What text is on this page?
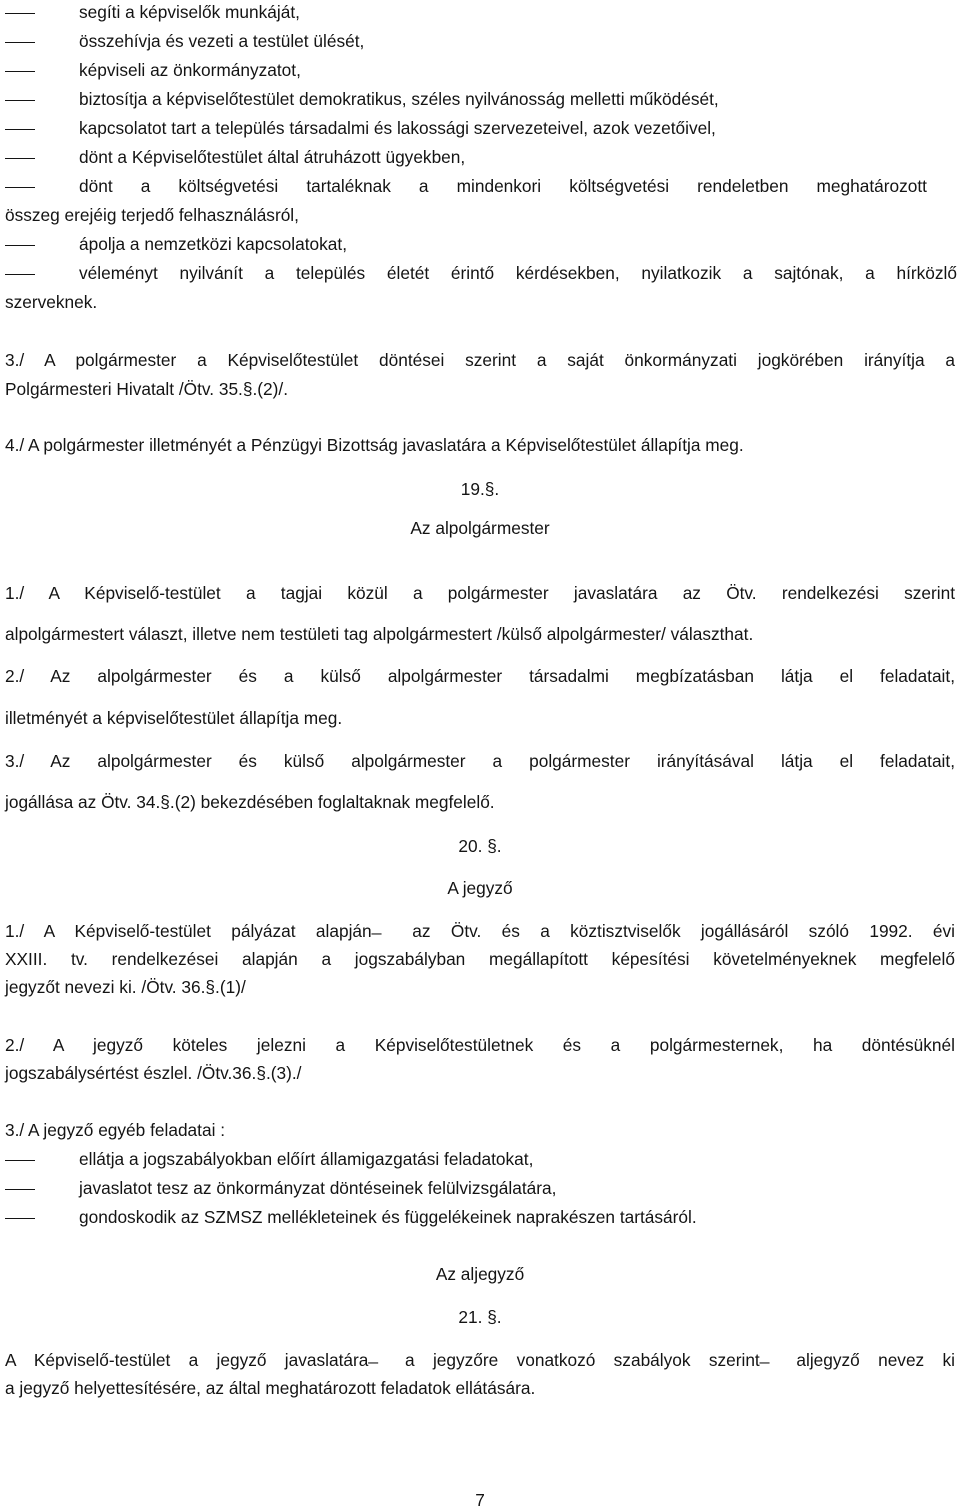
segíti a képviselők munkáját,
összehívja és vezeti a testület ülését,
képviseli az önkormányzatot,
biztosítja a képviselőtestület demokratikus, széles nyilvánosság melletti működését,
kapcsolatot tart a település társadalmi és lakossági szervezeteivel, azok vezetőivel,
dönt a Képviselőtestület által átruházott ügyekben,
dönt a költségvetési tartaléknak a mindenkori költségvetési rendeletben meghatározott
összeg erejéig terjedő felhasználásról,
ápolja a nemzetközi kapcsolatokat,
véleményt nyilvánít a település életét érintő kérdésekben, nyilatkozik a sajtónak, a hírközlő
szerveknek.
3./ A polgármester a Képviselőtestület döntései szerint a saját önkormányzati jogkörében irányítja a
Polgármesteri Hivatalt /Ötv. 35.§.(2)/.
4./ A polgármester illetményét a Pénzügyi Bizottság javaslatára a Képviselőtestület állapítja meg.
19.§.
Az alpolgármester
1./ A Képviselő-testület a tagjai közül a polgármester javaslatára az Ötv. rendelkezési szerint
alpolgármestert választ, illetve nem testületi tag alpolgármestert /külső alpolgármester/ választhat.
2./ Az alpolgármester és a külső alpolgármester társadalmi megbízatásban látja el feladatait,
illetményét a képviselőtestület állapítja meg.
3./ Az alpolgármester és külső alpolgármester a polgármester irányításával látja el feladatait,
jogállása az Ötv. 34.§.(2) bekezdésében foglaltaknak megfelelő.
20. §.
A jegyző
1./ A Képviselő-testület pályázat alapján ̶ az Ötv. és a köztisztviselők jogállásáról szóló 1992. évi
XXIII. tv. rendelkezései alapján a jogszabályban megállapított képesítési követelményeknek megfelelő
jegyzőt nevezi ki. /Ötv. 36.§.(1)/
2./ A jegyző köteles jelezni a Képviselőtestületnek és a polgármesternek, ha döntésüknél
jogszabálysértést észlel. /Ötv.36.§.(3)./
3./ A jegyző egyéb feladatai :
ellátja a jogszabályokban előírt államigazgatási feladatokat,
javaslatot tesz az önkormányzat döntéseinek felülvizsgálatára,
gondoskodik az SZMSZ mellékleteinek és függelékeinek naprakészen tartásáról.
Az aljegyző
21. §.
A Képviselő-testület a jegyző javaslatára ̶ a jegyzőre vonatkozó szabályok szerint ̶ aljegyző nevez ki
a jegyző helyettesítésére, az által meghatározott feladatok ellátására.
7
